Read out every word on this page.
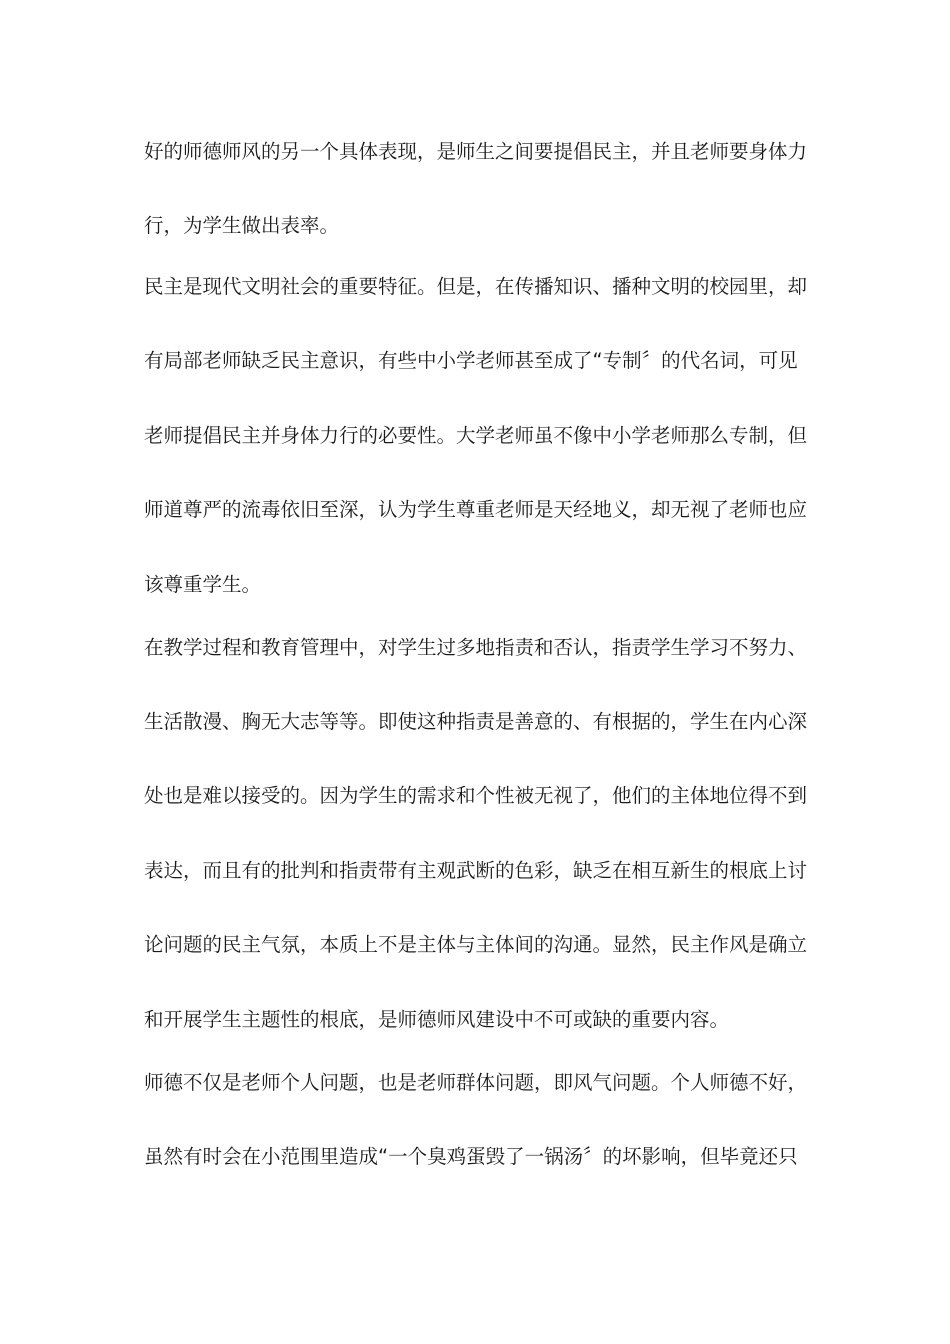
好的师德师风的另一个具体表现，是师生之间要提倡民主，并且老师要身体力
行，为学生做出表率。
民主是现代文明社会的重要特征。但是，在传播知识、播种文明的校园里，却
有局部老师缺乏民主意识，有些中小学老师甚至成了“专制〞的代名词，可见
老师提倡民主并身体力行的必要性。大学老师虽不像中小学老师那么专制，但
师道尊严的流毒依旧至深，认为学生尊重老师是天经地义，却无视了老师也应
该尊重学生。
在教学过程和教育管理中，对学生过多地指责和否认，指责学生学习不努力、
生活散漫、胸无大志等等。即使这种指责是善意的、有根据的，学生在内心深
处也是难以接受的。因为学生的需求和个性被无视了，他们的主体地位得不到
表达，而且有的批判和指责带有主观武断的色彩，缺乏在相互新生的根底上讨
论问题的民主气氛，本质上不是主体与主体间的沟通。显然，民主作风是确立
和开展学生主题性的根底，是师德师风建设中不可或缺的重要内容。
师德不仅是老师个人问题，也是老师群体问题，即风气问题。个人师德不好，
虽然有时会在小范围里造成“一个臭鸡蛋毁了一锅汤〞的坏影响，但毕竟还只
